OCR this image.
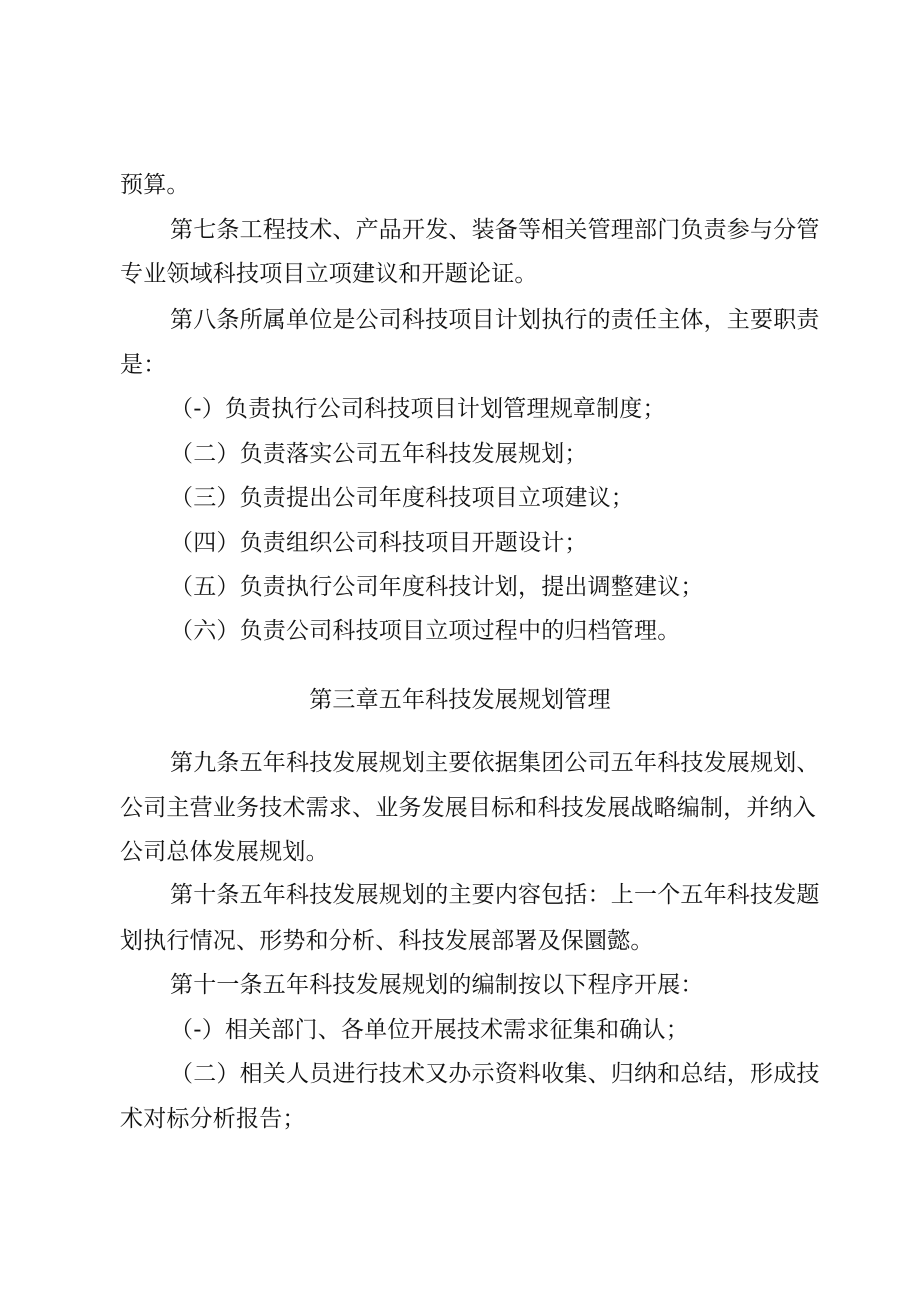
预算。
第七条工程技术、产品开发、装备等相关管理部门负责参与分管
专业领域科技项目立项建议和开题论证。
第八条所属单位是公司科技项目计划执行的责任主体，主要职责
是：
（-）负责执行公司科技项目计划管理规章制度；
（二）负责落实公司五年科技发展规划；
（三）负责提出公司年度科技项目立项建议；
（四）负责组织公司科技项目开题设计；
（五）负责执行公司年度科技计划，提出调整建议；
（六）负责公司科技项目立项过程中的归档管理。
第三章五年科技发展规划管理
第九条五年科技发展规划主要依据集团公司五年科技发展规划、
公司主营业务技术需求、业务发展目标和科技发展战略编制，并纳入
公司总体发展规划。
第十条五年科技发展规划的主要内容包括：上一个五年科技发题
划执行情况、形势和分析、科技发展部署及保圜懿。
第十一条五年科技发展规划的编制按以下程序开展：
（-）相关部门、各单位开展技术需求征集和确认；
（二）相关人员进行技术又办示资料收集、归纳和总结，形成技
术对标分析报告；
